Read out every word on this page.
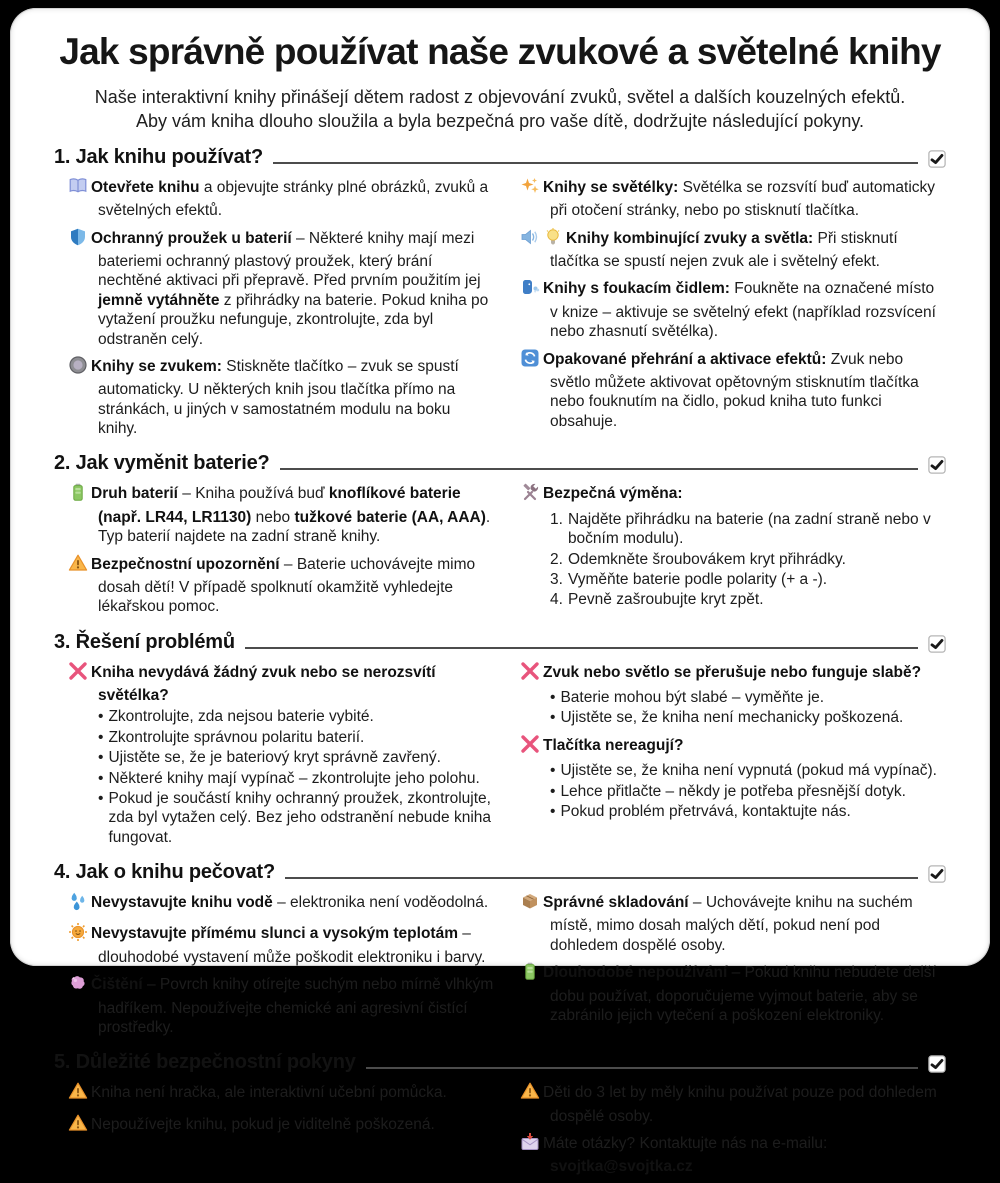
Jak správně používat naše zvukové a světelné knihy

Naše interaktivní knihy přinášejí dětem radost z objevování zvuků, světel a dalších kouzelných efektů.

Aby vám kniha dlouho sloužila a byla bezpečná pro vaše dítě, dodržujte následující pokyny.

1. Jak knihu používat?

Otevřete knihu a objevujte stránky plné obrázků, zvuků a světelných efektů.

Ochranný proužek u baterií – Některé knihy mají mezi bateriemi ochranný plastový proužek, který brání nechtěné aktivaci při přepravě. Před prvním použitím jej jemně vytáhněte z přihrádky na baterie. Pokud kniha po vytažení proužku nefunguje, zkontrolujte, zda byl odstraněn celý.

Knihy se zvukem: Stiskněte tlačítko – zvuk se spustí automaticky. U některých knih jsou tlačítka přímo na stránkách, u jiných v samostatném modulu na boku knihy.

Knihy se světélky: Světélka se rozsvítí buď automaticky při otočení stránky, nebo po stisknutí tlačítka.

Knihy kombinující zvuky a světla: Při stisknutí tlačítka se spustí nejen zvuk ale i světelný efekt.

Knihy s foukacím čidlem: Foukněte na označené místo v knize – aktivuje se světelný efekt (například rozsvícení nebo zhasnutí světélka).

Opakované přehrání a aktivace efektů: Zvuk nebo světlo můžete aktivovat opětovným stisknutím tlačítka nebo fouknutím na čidlo, pokud kniha tuto funkci obsahuje.

2. Jak vyměnit baterie?

Druh baterií – Kniha používá buď knoflíkové baterie (např. LR44, LR1130) nebo tužkové baterie (AA, AAA). Typ baterií najdete na zadní straně knihy.

Bezpečnostní upozornění – Baterie uchovávejte mimo dosah dětí! V případě spolknutí okamžitě vyhledejte lékařskou pomoc.

Bezpečná výměna:

1. Najděte přihrádku na baterie (na zadní straně nebo v bočním modulu).
2. Odemkněte šroubovákem kryt přihrádky.
3. Vyměňte baterie podle polarity (+ a -).
4. Pevně zašroubujte kryt zpět.
3. Řešení problémů

Kniha nevydává žádný zvuk nebo se nerozsvítí světélka?

• Zkontrolujte, zda nejsou baterie vybité.
• Zkontrolujte správnou polaritu baterií.
• Ujistěte se, že je bateriový kryt správně zavřený.
• Některé knihy mají vypínač – zkontrolujte jeho polohu.
• Pokud je součástí knihy ochranný proužek, zkontrolujte, zda byl vytažen celý. Bez jeho odstranění nebude kniha fungovat.

Zvuk nebo světlo se přerušuje nebo funguje slabě?

• Baterie mohou být slabé – vyměňte je.
• Ujistěte se, že kniha není mechanicky poškozená.

Tlačítka nereagují?

• Ujistěte se, že kniha není vypnutá (pokud má vypínač).
• Lehce přitlačte – někdy je potřeba přesnější dotyk.
• Pokud problém přetrvává, kontaktujte nás.
4. Jak o knihu pečovat?

Nevystavujte knihu vodě – elektronika není voděodolná.

Nevystavujte přímému slunci a vysokým teplotám – dlouhodobé vystavení může poškodit elektroniku i barvy.

Čištění – Povrch knihy otírejte suchým nebo mírně vlhkým hadříkem. Nepoužívejte chemické ani agresivní čistící prostředky.

Správné skladování – Uchovávejte knihu na suchém místě, mimo dosah malých dětí, pokud není pod dohledem dospělé osoby.

Dlouhodobé nepoužívání – Pokud knihu nebudete delší dobu používat, doporučujeme vyjmout baterie, aby se zabránilo jejich vytečení a poškození elektroniky.

5. Důležité bezpečnostní pokyny

Kniha není hračka, ale interaktivní učební pomůcka.

Nepoužívejte knihu, pokud je viditelně poškozená.

Děti do 3 let by měly knihu používat pouze pod dohledem dospělé osoby.

Máte otázky? Kontaktujte nás na e-mailu: svojtka@svojtka.cz
